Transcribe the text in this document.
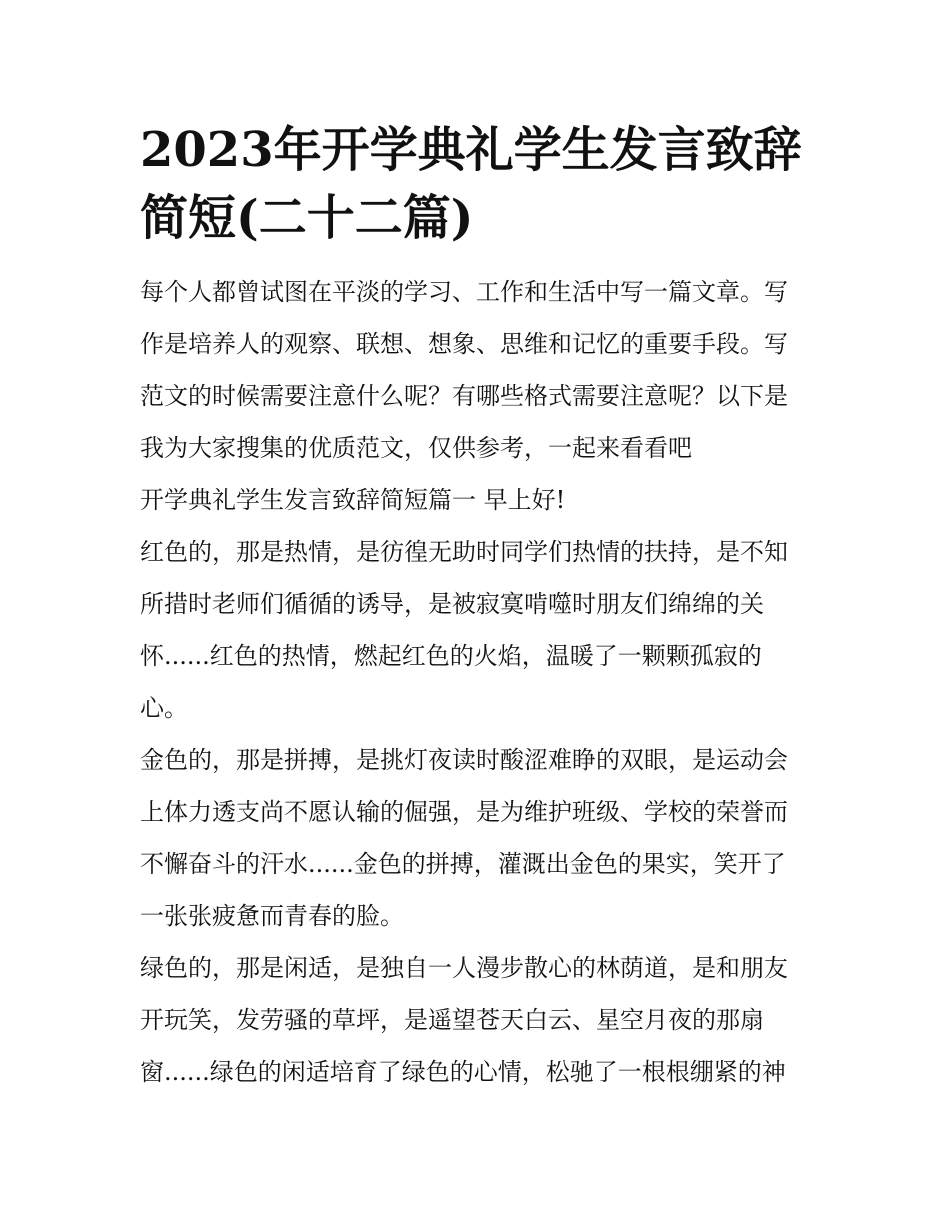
2023年开学典礼学生发言致辞
简短(二十二篇)

每个人都曾试图在平淡的学习、工作和生活中写一篇文章。写
作是培养人的观察、联想、想象、思维和记忆的重要手段。写
范文的时候需要注意什么呢？有哪些格式需要注意呢？以下是
我为大家搜集的优质范文，仅供参考，一起来看看吧

开学典礼学生发言致辞简短篇一 早上好!

红色的，那是热情，是彷徨无助时同学们热情的扶持，是不知
所措时老师们循循的诱导，是被寂寞啃噬时朋友们绵绵的关
怀......红色的热情，燃起红色的火焰，温暖了一颗颗孤寂的
心。

金色的，那是拼搏，是挑灯夜读时酸涩难睁的双眼，是运动会
上体力透支尚不愿认输的倔强，是为维护班级、学校的荣誉而
不懈奋斗的汗水......金色的拼搏，灌溉出金色的果实，笑开了
一张张疲惫而青春的脸。

绿色的，那是闲适，是独自一人漫步散心的林荫道，是和朋友
开玩笑，发劳骚的草坪，是遥望苍天白云、星空月夜的那扇
窗......绿色的闲适培育了绿色的心情，松驰了一根根绷紧的神
